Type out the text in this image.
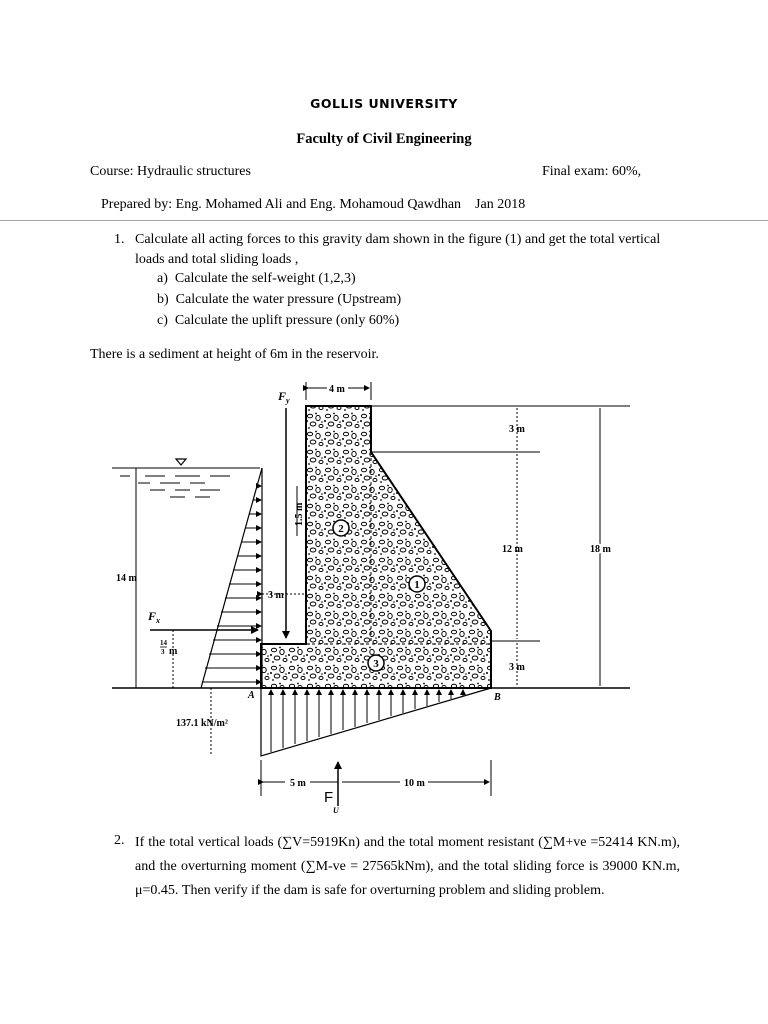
GOLLIS UNIVERSITY
Faculty of Civil Engineering
Course: Hydraulic structures	Final exam: 60%,
Prepared by: Eng. Mohamed Ali and Eng. Mohamoud Qawdhan    Jan 2018
1. Calculate all acting forces to this gravity dam shown in the figure (1) and get the total vertical loads and total sliding loads ,
a) Calculate the self-weight (1,2,3)
b) Calculate the water pressure (Upstream)
c) Calculate the uplift pressure (only 60%)
There is a sediment at height of 6m in the reservoir.
2
1
3
$F_x$
14
3 m
14 m
$F_y$
1.5 m
3 m
4 m
3 m
12 m
3 m
18 m
A	B
137.1 kN/m²
5 m	10 m
F
U
2. If the total vertical loads (∑V=5919Kn) and the total moment resistant (∑M+ve =52414 KN.m), and the overturning moment (∑M-ve = 27565kNm), and the total sliding force is 39000 KN.m, μ=0.45. Then verify if the dam is safe for overturning problem and sliding problem.
